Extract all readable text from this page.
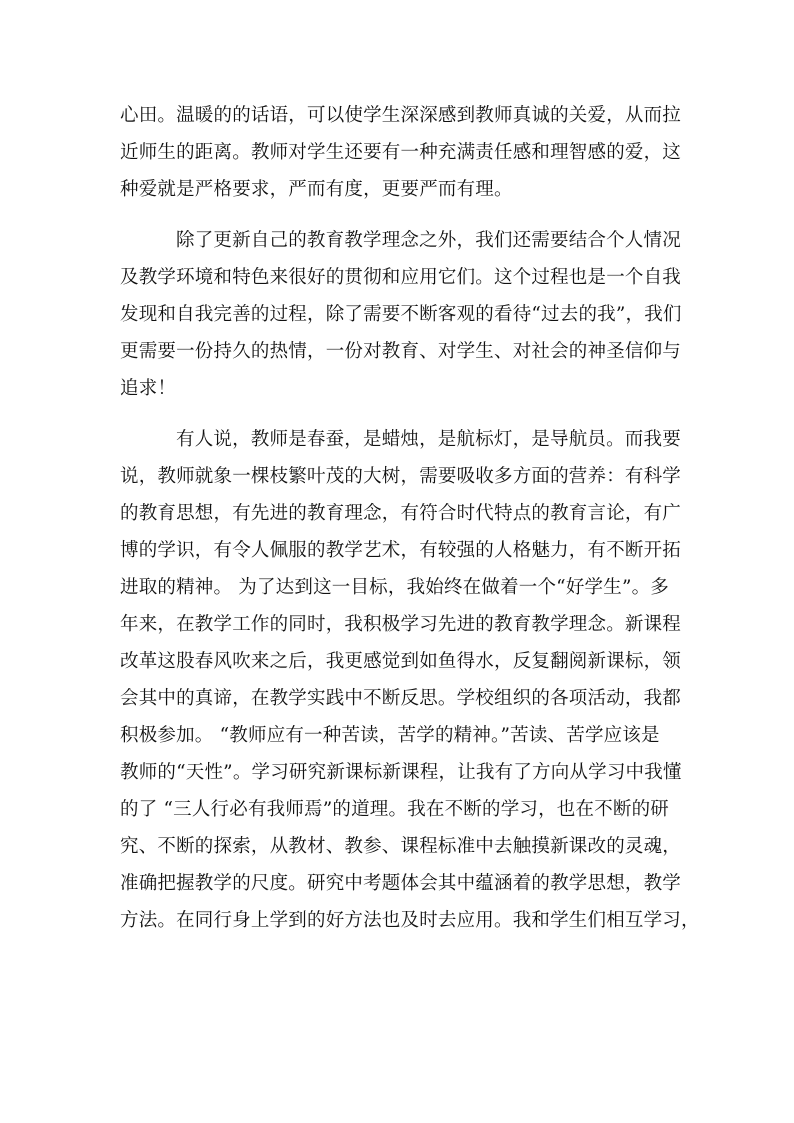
心田。温暖的的话语，可以使学生深深感到教师真诚的关爱，从而拉
近师生的距离。教师对学生还要有一种充满责任感和理智感的爱，这
种爱就是严格要求，严而有度，更要严而有理。
除了更新自己的教育教学理念之外，我们还需要结合个人情况
及教学环境和特色来很好的贯彻和应用它们。这个过程也是一个自我
发现和自我完善的过程，除了需要不断客观的看待“过去的我”，我们
更需要一份持久的热情，一份对教育、对学生、对社会的神圣信仰与
追求！
有人说，教师是春蚕，是蜡烛，是航标灯，是导航员。而我要
说，教师就象一棵枝繁叶茂的大树，需要吸收多方面的营养：有科学
的教育思想，有先进的教育理念，有符合时代特点的教育言论，有广
博的学识，有令人佩服的教学艺术，有较强的人格魅力，有不断开拓
进取的精神。 为了达到这一目标，我始终在做着一个“好学生”。多
年来，在教学工作的同时，我积极学习先进的教育教学理念。新课程
改革这股春风吹来之后，我更感觉到如鱼得水，反复翻阅新课标，领
会其中的真谛，在教学实践中不断反思。学校组织的各项活动，我都
积极参加。 “教师应有一种苦读，苦学的精神。”苦读、苦学应该是
教师的“天性”。学习研究新课标新课程，让我有了方向从学习中我懂
的了 “三人行必有我师焉”的道理。我在不断的学习，也在不断的研
究、不断的探索，从教材、教参、课程标准中去触摸新课改的灵魂，
准确把握教学的尺度。研究中考题体会其中蕴涵着的教学思想，教学
方法。在同行身上学到的好方法也及时去应用。我和学生们相互学习，
